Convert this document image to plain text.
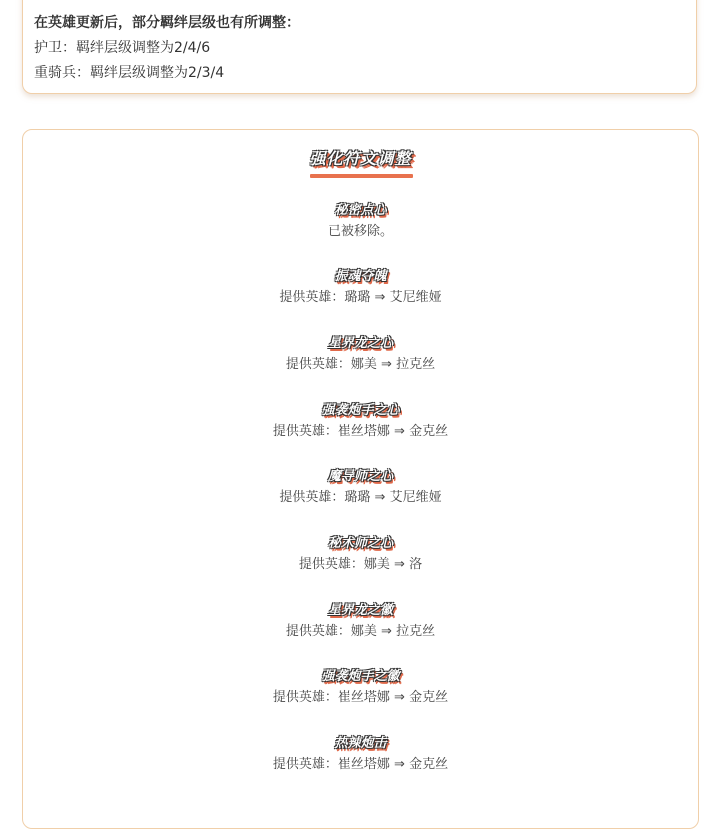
在英雄更新后，部分羁绊层级也有所调整：
护卫：羁绊层级调整为2/4/6
重骑兵：羁绊层级调整为2/3/4
强化符文调整
秘密点心
已被移除。
振魂夺魄
提供英雄：璐璐 ⇒ 艾尼维娅
星界龙之心
提供英雄：娜美 ⇒ 拉克丝
强袭炮手之心
提供英雄：崔丝塔娜 ⇒ 金克丝
魔导师之心
提供英雄：璐璐 ⇒ 艾尼维娅
秘术师之心
提供英雄：娜美 ⇒ 洛
星界龙之徽
提供英雄：娜美 ⇒ 拉克丝
强袭炮手之徽
提供英雄：崔丝塔娜 ⇒ 金克丝
热辣炮击
提供英雄：崔丝塔娜 ⇒ 金克丝
